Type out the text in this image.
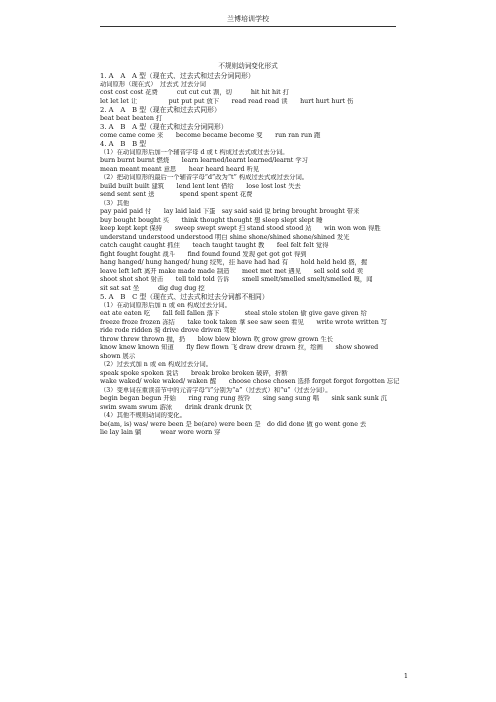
兰博培训学校
不规则动词变化形式
1. A　A　A 型（现在式、过去式和过去分词同形）
动词原形（现在式）　过去式 过去分词
cost cost cost 花费　　　cut cut cut 割，切　　　hit hit hit 打
let let let 让　　　　　put put put 放下　　read read read 读　　hurt hurt hurt 伤
2. A　A　B 型（现在式和过去式同形）
beat beat beaten 打
3. A　B　A 型（现在式和过去分词同形）
come came come 来　　become became become 变　　run ran run 跑
4. A　B　B 型
（1）在动词原形后加一个辅音字母 d 或 t 构成过去式或过去分词。
burn burnt burnt 燃烧　　learn learned/learnt learned/learnt 学习
mean meant meant 意思　　hear heard heard 听见
（2）把动词原形的最后一个辅音字母“d”改为“t” 构成过去式或过去分词。
build built built 建筑　　lend lent lent 借给　　lose lost lost 失去
send sent sent 送　　　　spend spent spent 花费
（3）其他
pay paid paid 付　　lay laid laid 下蛋　say said said 说 bring brought brought 带来
buy bought bought 买　　think thought thought 想 sleep slept slept 睡
keep kept kept 保持　　sweep swept swept 扫 stand stood stood 站　　win won won 得胜
understand understood understood 明白 shine shone/shined shone/shined 发光
catch caught caught 抓住　　teach taught taught 教　　feel felt felt 觉得
fight fought fought 战斗　　find found found 发现 get got got 得到
hang hanged/ hung hanged/ hung 绞死，挂 have had had 有　　hold held held 盛，握
leave left left 离开 make made made 制造　　meet met met 遇见　　sell sold sold 卖
shoot shot shot 射击　　tell told told 告诉　　smell smelt/smelled smelt/smelled 嗅，闻
sit sat sat 坐　　　dig dug dug 挖
5. A　B　C 型（现在式、过去式和过去分词都不相同）
（1）在动词原形后加 n 或 en 构成过去分词。
eat ate eaten 吃　　fall fell fallen 落下　　　　steal stole stolen 偷 give gave given 给
freeze froze frozen 冻结　　take took taken 拿 see saw seen 看见　　write wrote written 写
ride rode ridden 骑 drive drove driven 驾驶
throw threw thrown 抛，扔　　blow blew blown 吹 grow grew grown 生长
know knew known 知道　　fly flew flown 飞 draw drew drawn 拉，绘画　　show showed shown 展示
（2）过去式加 n 或 en 构成过去分词。
speak spoke spoken 说话　　break broke broken 破碎，折断
wake waked/ woke waked/ waken 醒　　choose chose chosen 选择 forget forgot forgotten 忘记
（3）变单词在重读音节中的元音字母“i”分别为“a”（过去式）和“u”（过去分词）。
begin began begun 开始　　ring rang rung 按铃　　sing sang sung 唱　　sink sank sunk 沉
swim swam swum 游泳　　drink drank drunk 饮
（4）其他不规则动词的变化。
be(am, is) was/ were been 是 be(are) were been 是　do did done 做 go went gone 去
lie lay lain 躺　　　wear wore worn 穿
1
